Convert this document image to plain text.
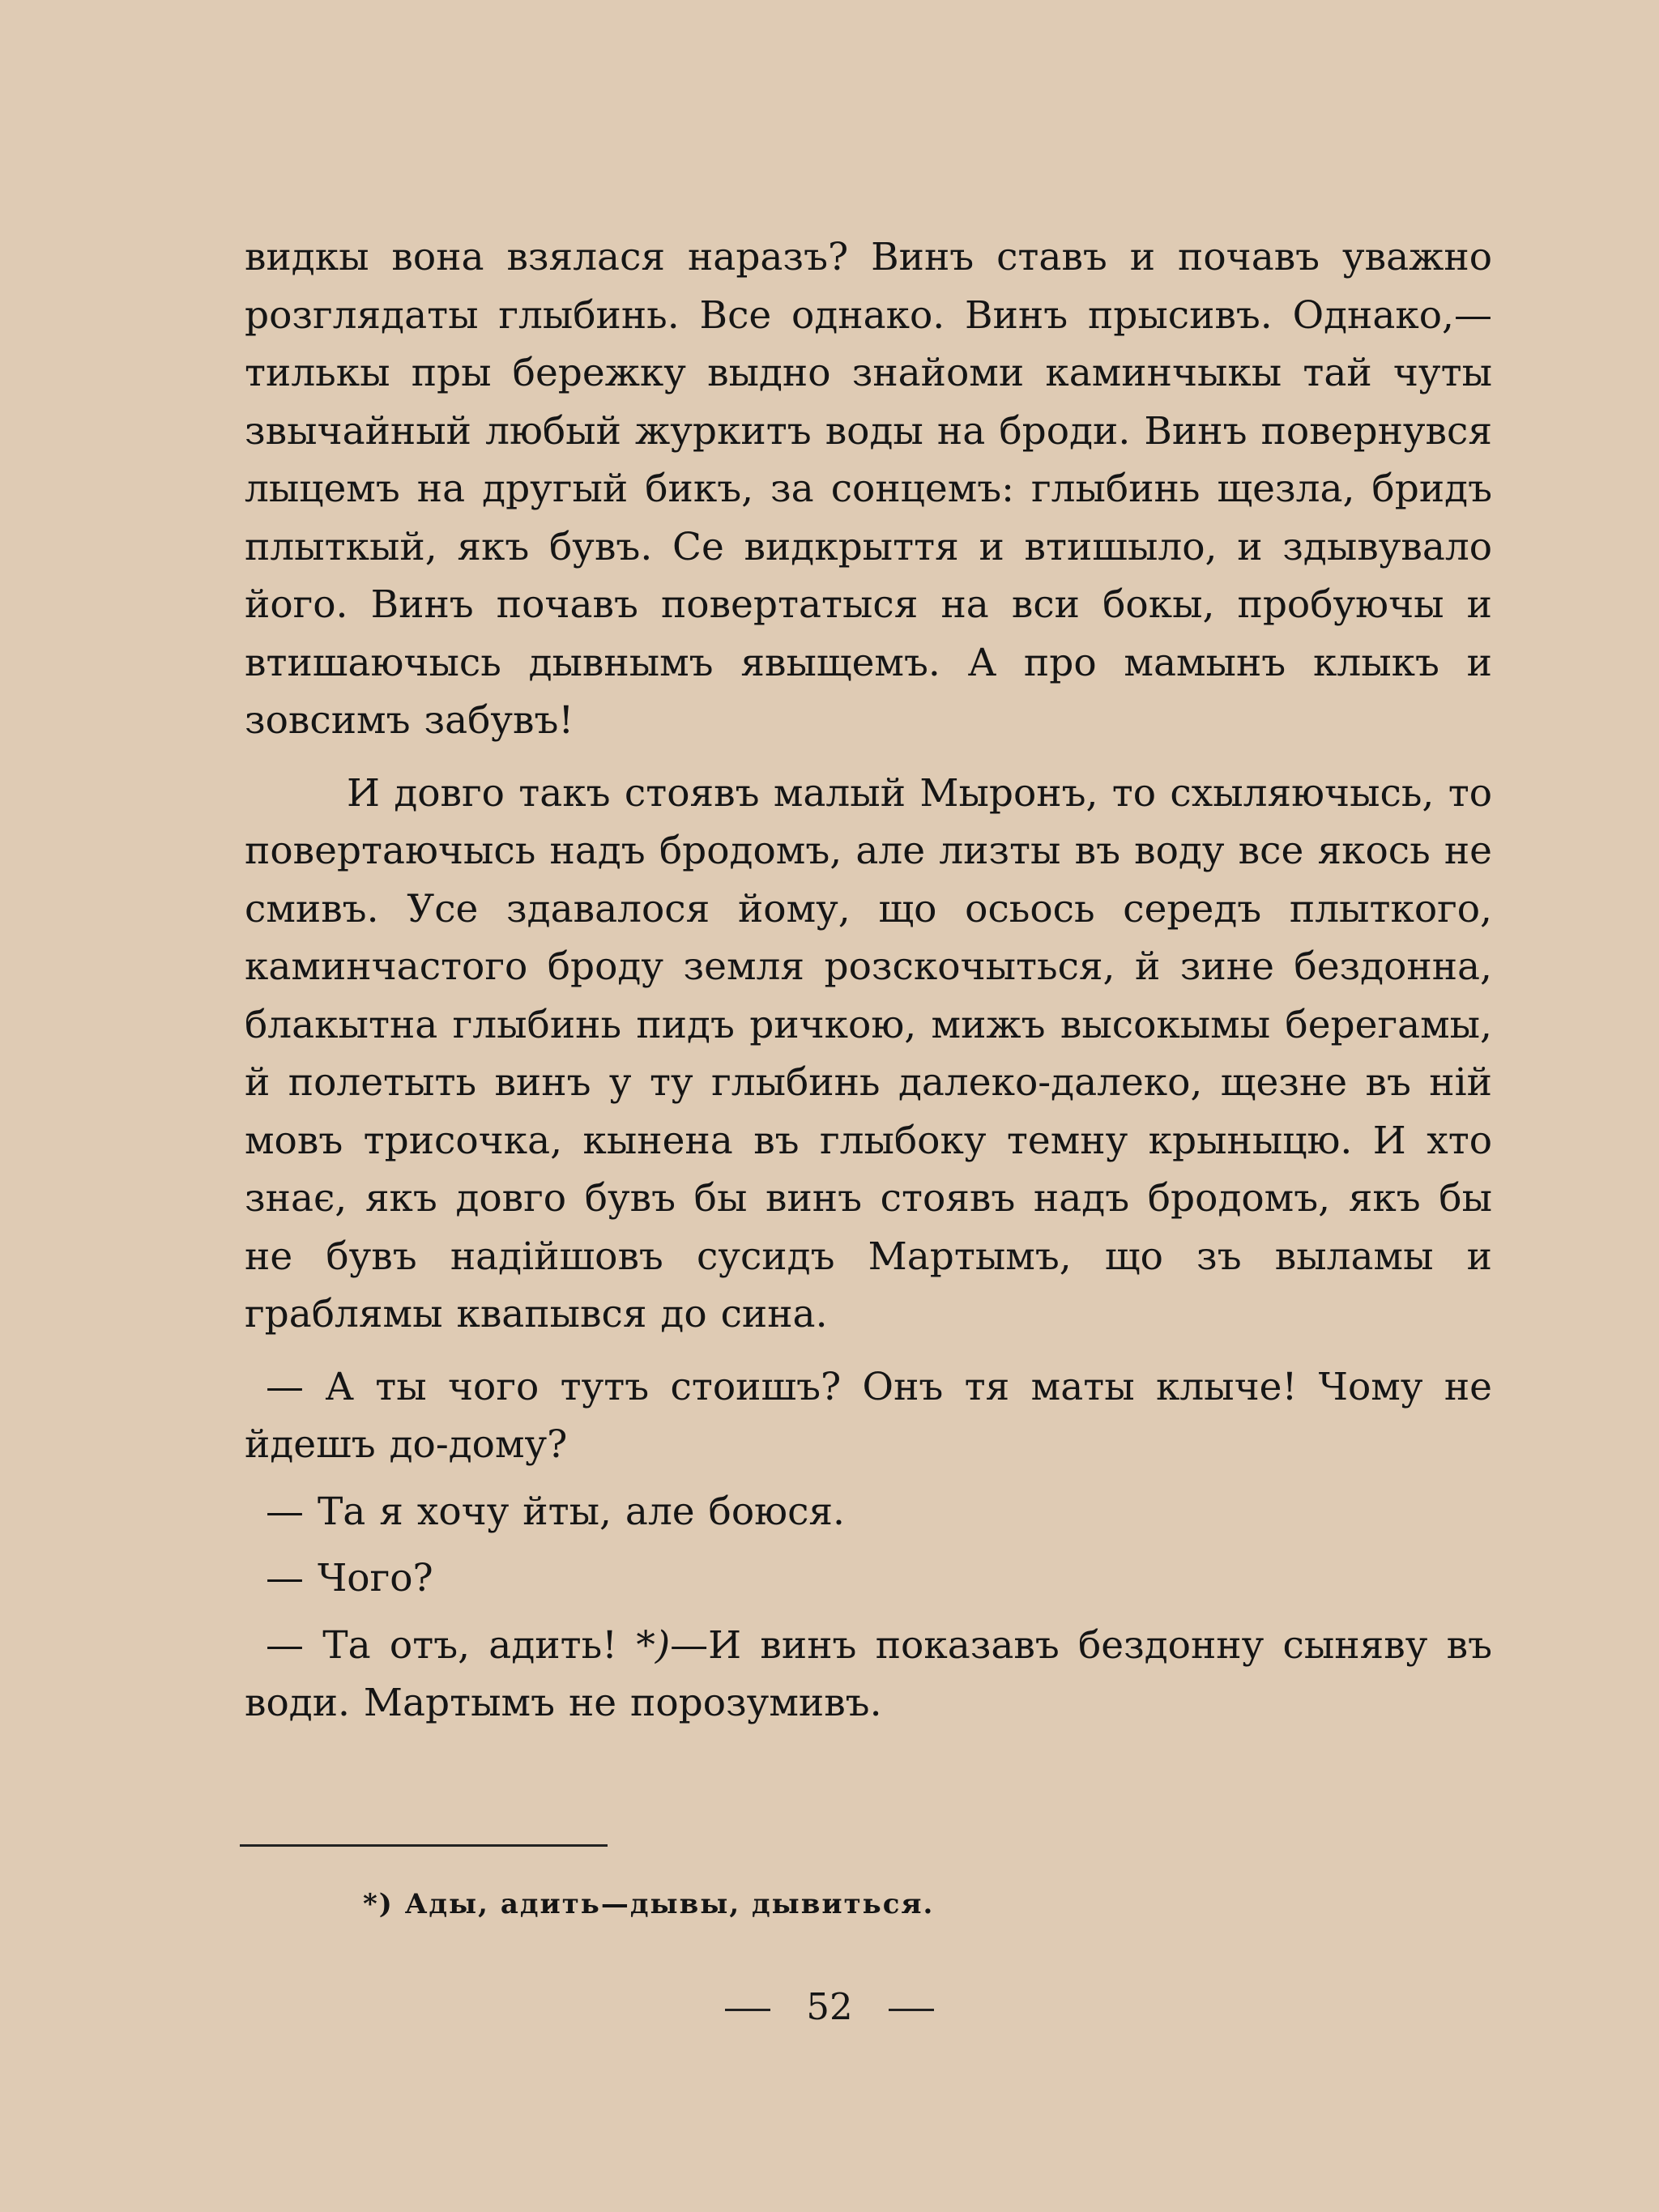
видкы вона взялася наразъ? Винъ ставъ и почавъ уважно розглядаты глыбинь. Все однако. Винъ прысивъ. Однако,—тилькы пры бережку выдно знайоми каминчыкы тай чуты звычайный любый журкитъ воды на броди. Винъ повернувся лыцемъ на другый бикъ, за сонцемъ: глыбинь щезла, бридъ плыткый, якъ бувъ. Се видкрыття и втишыло, и здывувало його. Винъ почавъ повертатыся на вси бокы, пробуючы и втишаючысь дывнымъ явыщемъ. А про мамынъ клыкъ и зовсимъ забувъ!

И довго такъ стоявъ малый Мыронъ, то схыляючысь, то повертаючысь надъ бродомъ, але лизты въ воду все якось не смивъ. Усе здавалося йому, що осьось середъ плыткого, каминчастого броду земля розскочыться, й зине бездонна, блакытна глыбинь пидъ ричкою, мижъ высокымы берегамы, й полетыть винъ у ту глыбинь далеко-далеко, щезне въ ній мовъ трисочка, кынена въ глыбоку темну крыныцю. И хто знає, якъ довго бувъ бы винъ стоявъ надъ бродомъ, якъ бы не бувъ надійшовъ сусидъ Мартымъ, що зъ выламы и граблямы квапывся до сина.

— А ты чого тутъ стоишъ? Онъ тя маты клыче! Чому не йдешъ до-дому?

— Та я хочу йты, але боюся.

— Чого?

— Та отъ, адить! *)—И винъ показавъ бездонну сыняву въ води. Мартымъ не порозумивъ.

*) Ады, адить—дывы, дывиться.
52
